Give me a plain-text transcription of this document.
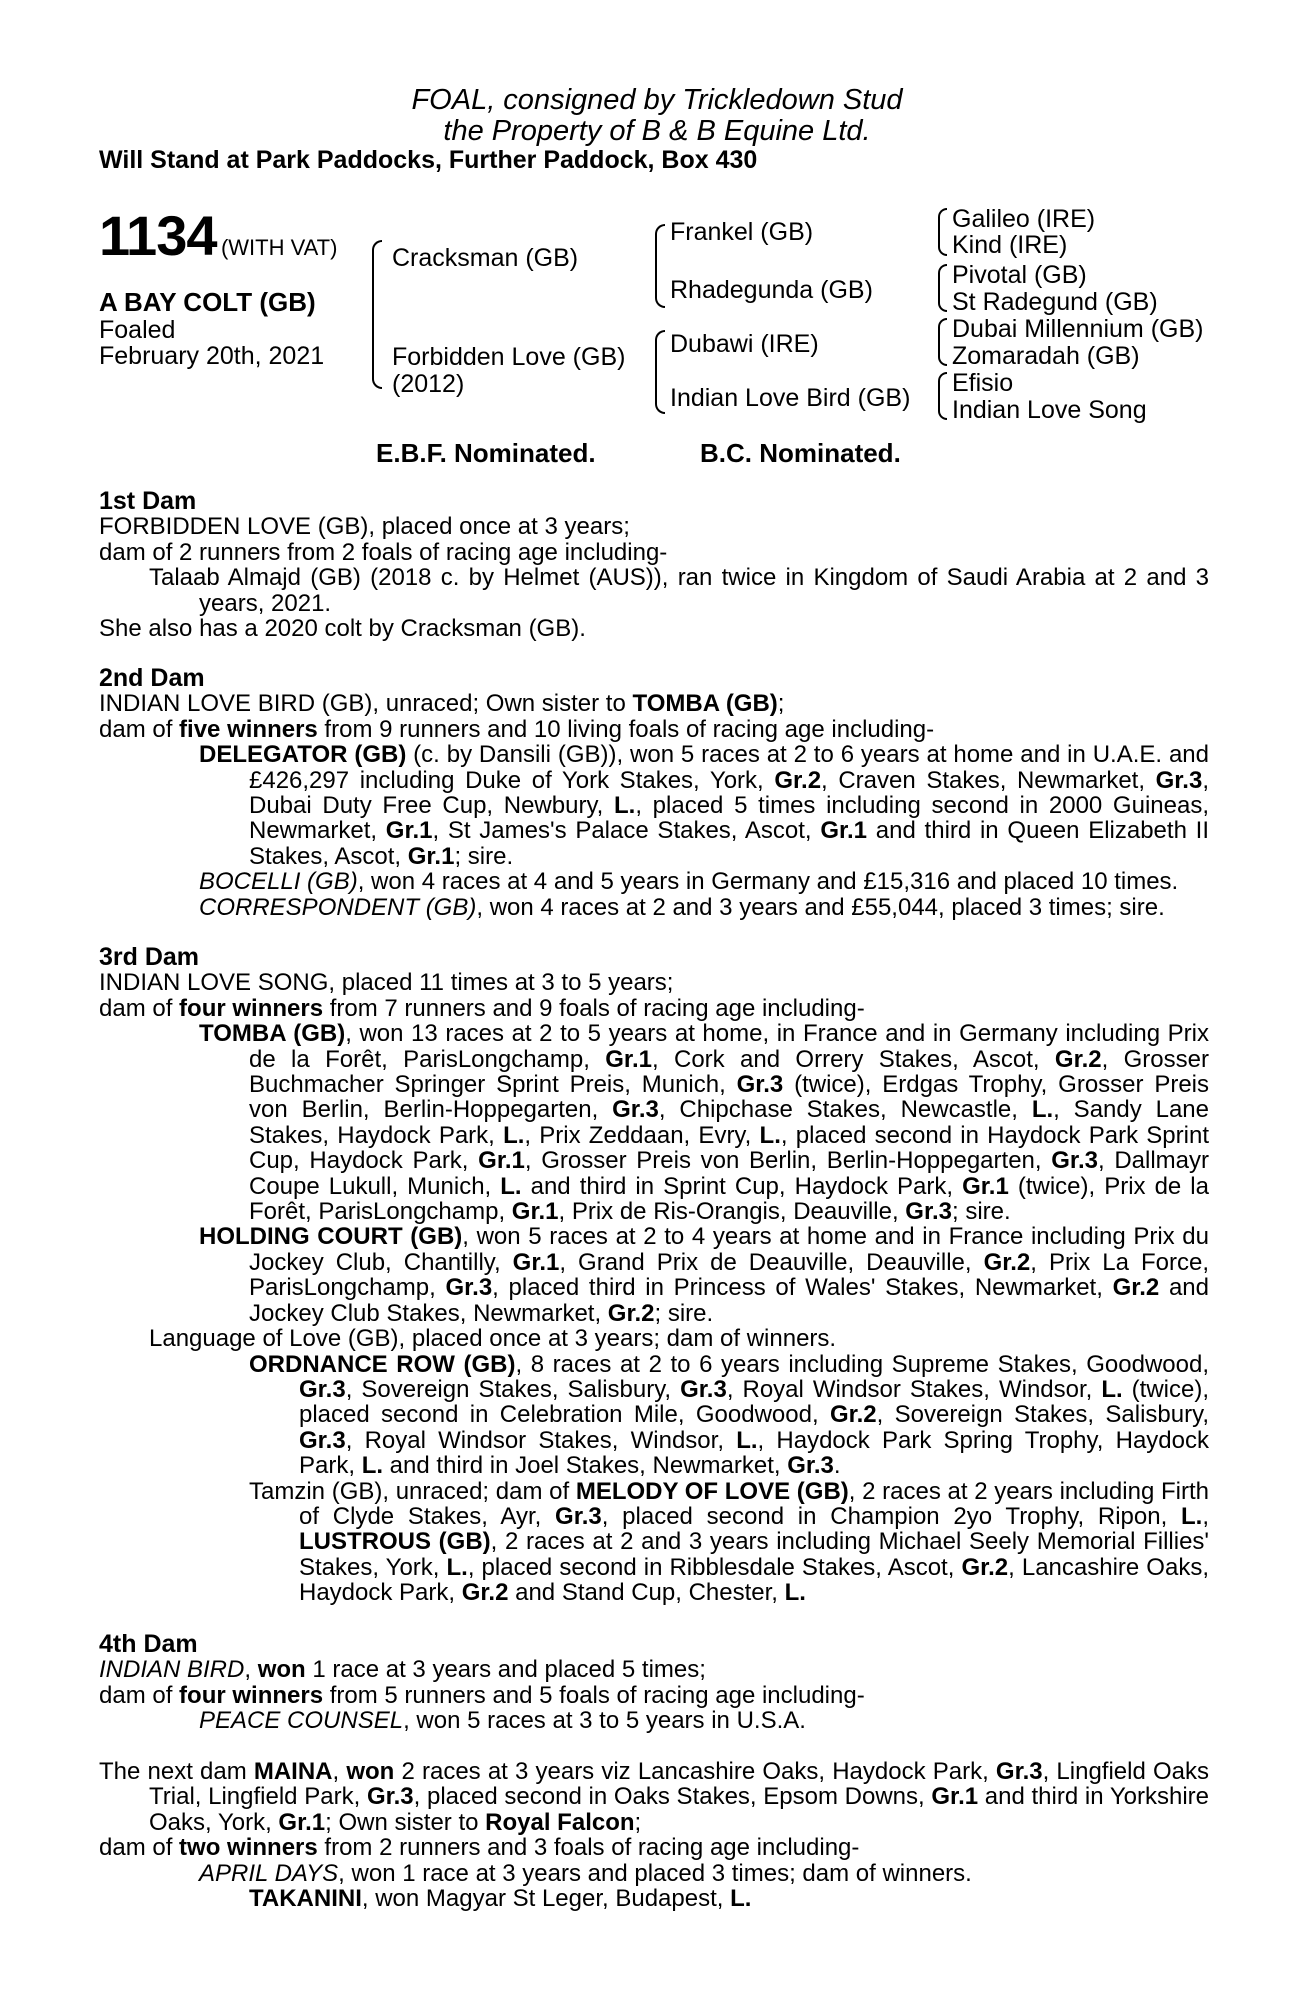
FOAL, consigned by Trickledown Stud
the Property of B & B Equine Ltd.
Will Stand at Park Paddocks, Further Paddock, Box 430
1134 (WITH VAT)
A BAY COLT (GB)
Foaled
February 20th, 2021
Cracksman (GB)
Forbidden Love (GB)
(2012)
Frankel (GB)
Rhadegunda (GB)
Dubawi (IRE)
Indian Love Bird (GB)
Galileo (IRE)
Kind (IRE)
Pivotal (GB)
St Radegund (GB)
Dubai Millennium (GB)
Zomaradah (GB)
Efisio
Indian Love Song
E.B.F. Nominated.	B.C. Nominated.
1st Dam

FORBIDDEN LOVE (GB), placed once at 3 years;

dam of 2 runners from 2 foals of racing age including-

Talaab Almajd (GB) (2018 c. by Helmet (AUS)), ran twice in Kingdom of Saudi Arabia at 2 and 3 years, 2021.

She also has a 2020 colt by Cracksman (GB).

2nd Dam

INDIAN LOVE BIRD (GB), unraced; Own sister to TOMBA (GB);

dam of five winners from 9 runners and 10 living foals of racing age including-

DELEGATOR (GB) (c. by Dansili (GB)), won 5 races at 2 to 6 years at home and in U.A.E. and £426,297 including Duke of York Stakes, York, Gr.2, Craven Stakes, Newmarket, Gr.3, Dubai Duty Free Cup, Newbury, L., placed 5 times including second in 2000 Guineas, Newmarket, Gr.1, St James's Palace Stakes, Ascot, Gr.1 and third in Queen Elizabeth II Stakes, Ascot, Gr.1; sire.

BOCELLI (GB), won 4 races at 4 and 5 years in Germany and £15,316 and placed 10 times.

CORRESPONDENT (GB), won 4 races at 2 and 3 years and £55,044, placed 3 times; sire.

3rd Dam

INDIAN LOVE SONG, placed 11 times at 3 to 5 years;

dam of four winners from 7 runners and 9 foals of racing age including-

TOMBA (GB), won 13 races at 2 to 5 years at home, in France and in Germany including Prix de la Forêt, ParisLongchamp, Gr.1, Cork and Orrery Stakes, Ascot, Gr.2, Grosser Buchmacher Springer Sprint Preis, Munich, Gr.3 (twice), Erdgas Trophy, Grosser Preis von Berlin, Berlin-Hoppegarten, Gr.3, Chipchase Stakes, Newcastle, L., Sandy Lane Stakes, Haydock Park, L., Prix Zeddaan, Evry, L., placed second in Haydock Park Sprint Cup, Haydock Park, Gr.1, Grosser Preis von Berlin, Berlin-Hoppegarten, Gr.3, Dallmayr Coupe Lukull, Munich, L. and third in Sprint Cup, Haydock Park, Gr.1 (twice), Prix de la Forêt, ParisLongchamp, Gr.1, Prix de Ris-Orangis, Deauville, Gr.3; sire.

HOLDING COURT (GB), won 5 races at 2 to 4 years at home and in France including Prix du Jockey Club, Chantilly, Gr.1, Grand Prix de Deauville, Deauville, Gr.2, Prix La Force, ParisLongchamp, Gr.3, placed third in Princess of Wales' Stakes, Newmarket, Gr.2 and Jockey Club Stakes, Newmarket, Gr.2; sire.

Language of Love (GB), placed once at 3 years; dam of winners.

ORDNANCE ROW (GB), 8 races at 2 to 6 years including Supreme Stakes, Goodwood, Gr.3, Sovereign Stakes, Salisbury, Gr.3, Royal Windsor Stakes, Windsor, L. (twice), placed second in Celebration Mile, Goodwood, Gr.2, Sovereign Stakes, Salisbury, Gr.3, Royal Windsor Stakes, Windsor, L., Haydock Park Spring Trophy, Haydock Park, L. and third in Joel Stakes, Newmarket, Gr.3.

Tamzin (GB), unraced; dam of MELODY OF LOVE (GB), 2 races at 2 years including Firth of Clyde Stakes, Ayr, Gr.3, placed second in Champion 2yo Trophy, Ripon, L., LUSTROUS (GB), 2 races at 2 and 3 years including Michael Seely Memorial Fillies' Stakes, York, L., placed second in Ribblesdale Stakes, Ascot, Gr.2, Lancashire Oaks, Haydock Park, Gr.2 and Stand Cup, Chester, L.

4th Dam

INDIAN BIRD, won 1 race at 3 years and placed 5 times;

dam of four winners from 5 runners and 5 foals of racing age including-

PEACE COUNSEL, won 5 races at 3 to 5 years in U.S.A.

The next dam MAINA, won 2 races at 3 years viz Lancashire Oaks, Haydock Park, Gr.3, Lingfield Oaks Trial, Lingfield Park, Gr.3, placed second in Oaks Stakes, Epsom Downs, Gr.1 and third in Yorkshire Oaks, York, Gr.1; Own sister to Royal Falcon;

dam of two winners from 2 runners and 3 foals of racing age including-

APRIL DAYS, won 1 race at 3 years and placed 3 times; dam of winners.

TAKANINI, won Magyar St Leger, Budapest, L.
